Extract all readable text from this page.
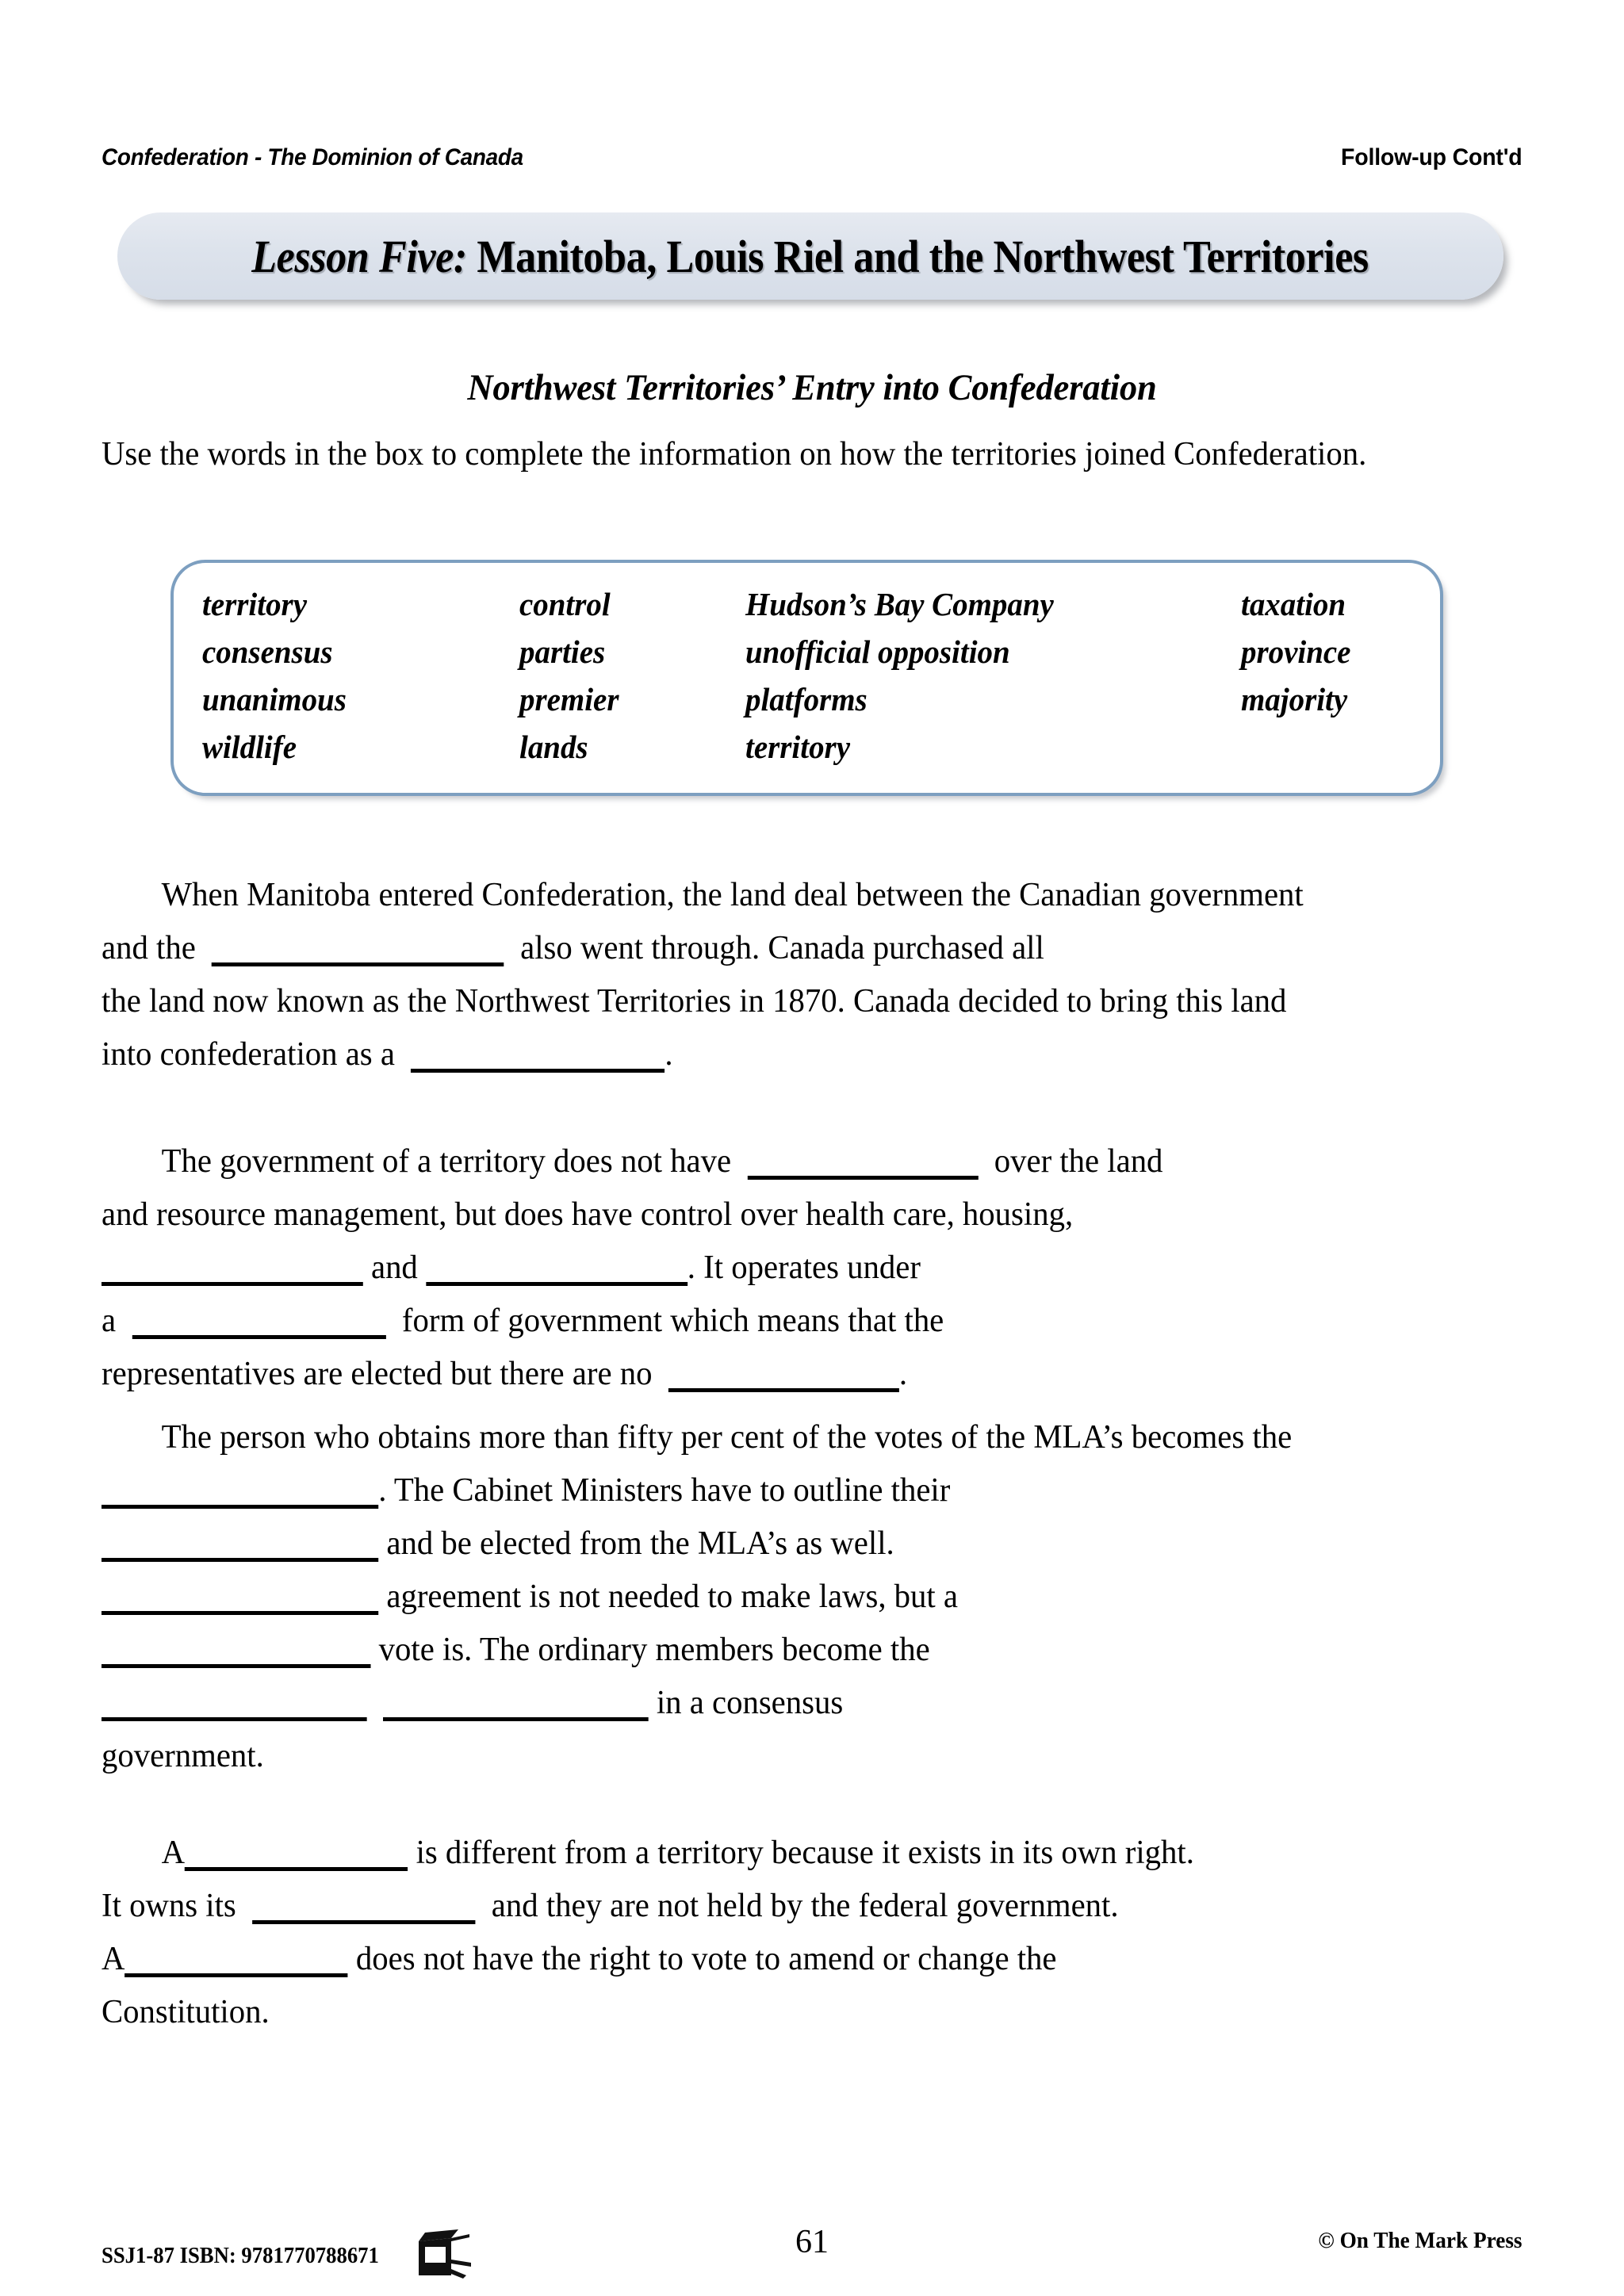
Confederation - The Dominion of Canada	Follow-up Cont'd
Lesson Five: Manitoba, Louis Riel and the Northwest Territories
Northwest Territories’ Entry into Confederation
Use the words in the box to complete the information on how the territories joined Confederation.
territory	control	Hudson’s Bay Company	taxation
consensus	parties	unofficial opposition	province
unanimous	premier	platforms	majority
wildlife	lands	territory
When Manitoba entered Confederation, the land deal between the Canadian government
and the	also went through. Canada purchased all
the land now known as the Northwest Territories in 1870. Canada decided to bring this land
into confederation as a	.
The government of a territory does not have	over the land
and resource management, but does have control over health care, housing,
and	. It operates under
a	form of government which means that the
representatives are elected but there are no	.
The person who obtains more than fifty per cent of the votes of the MLA’s becomes the
. The Cabinet Ministers have to outline their
and be elected from the MLA’s as well.
agreement is not needed to make laws, but a
vote is. The ordinary members become the
in a consensus
government.
A	is different from a territory because it exists in its own right.
It owns its	and they are not held by the federal government.
A	does not have the right to vote to amend or change the
Constitution.
SSJ1-87 ISBN: 9781770788671	61	© On The Mark Press
